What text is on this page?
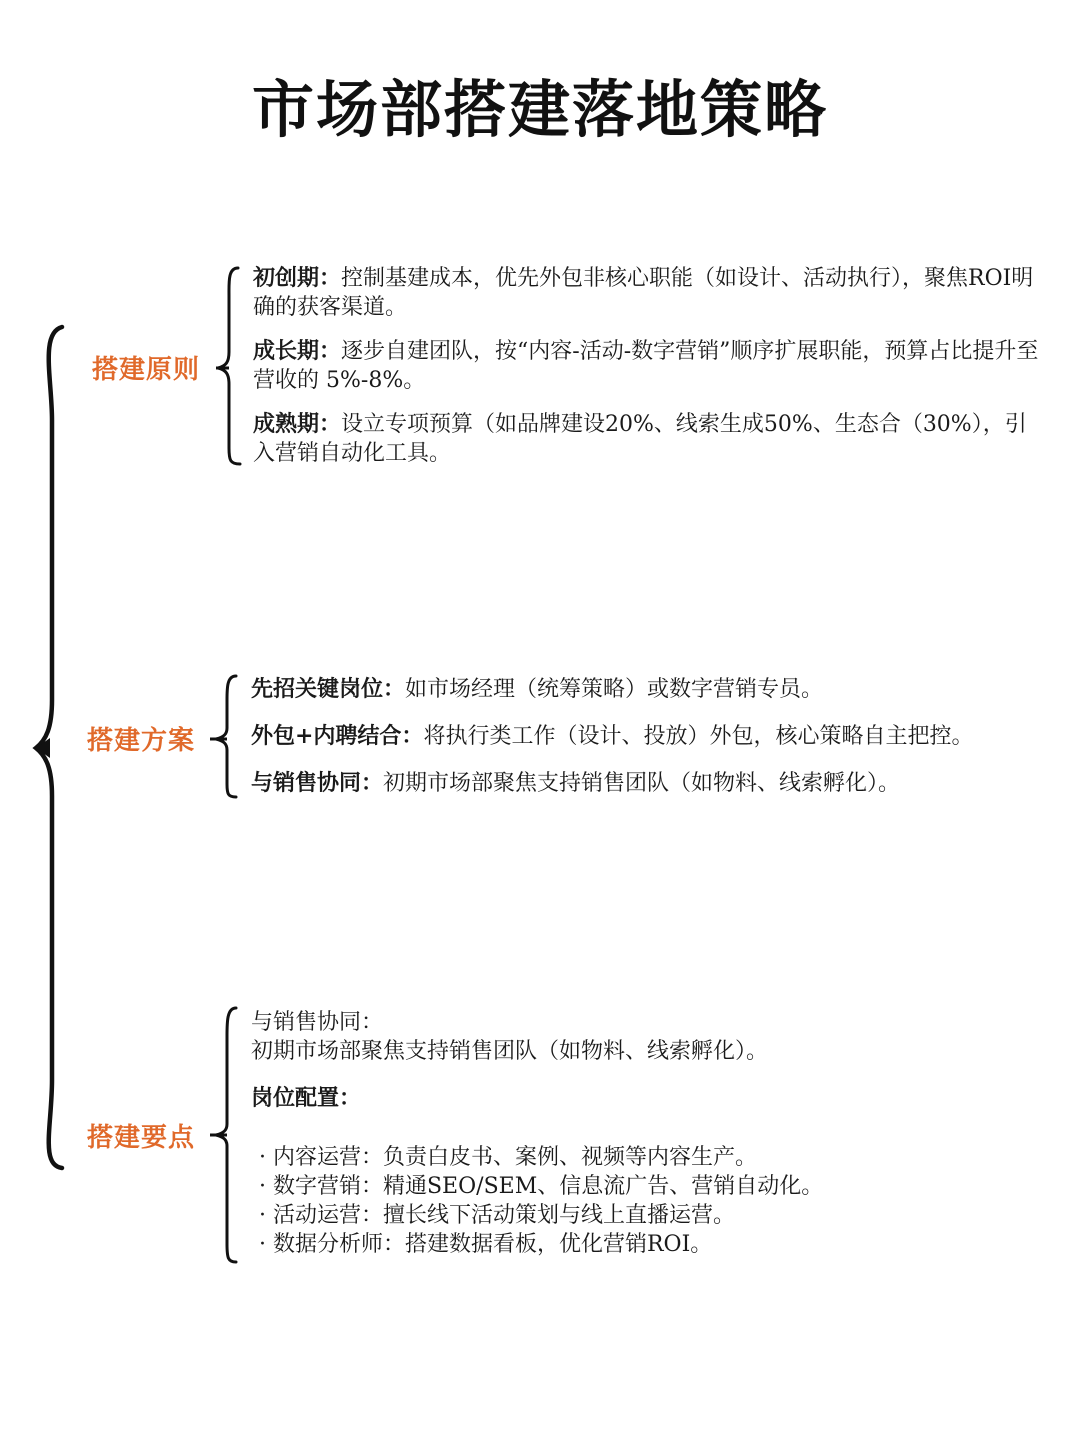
市场部搭建落地策略
搭建原则
搭建方案
搭建要点
初创期：控制基建成本，优先外包非核心职能（如设计、活动执行），聚焦ROI明确的获客渠道。
成长期：逐步自建团队，按“内容-活动-数字营销”顺序扩展职能，预算占比提升至营收的 5%-8%。
成熟期：设立专项预算（如品牌建设20%、线索生成50%、生态合（30%），引入营销自动化工具。
先招关键岗位：如市场经理（统筹策略）或数字营销专员。
外包+内聘结合：将执行类工作（设计、投放）外包，核心策略自主把控。
与销售协同：初期市场部聚焦支持销售团队（如物料、线索孵化）。
与销售协同：
初期市场部聚焦支持销售团队（如物料、线索孵化）。
岗位配置：
· 内容运营：负责白皮书、案例、视频等内容生产。
· 数字营销：精通SEO/SEM、信息流广告、营销自动化。
· 活动运营：擅长线下活动策划与线上直播运营。
· 数据分析师：搭建数据看板，优化营销ROI。
